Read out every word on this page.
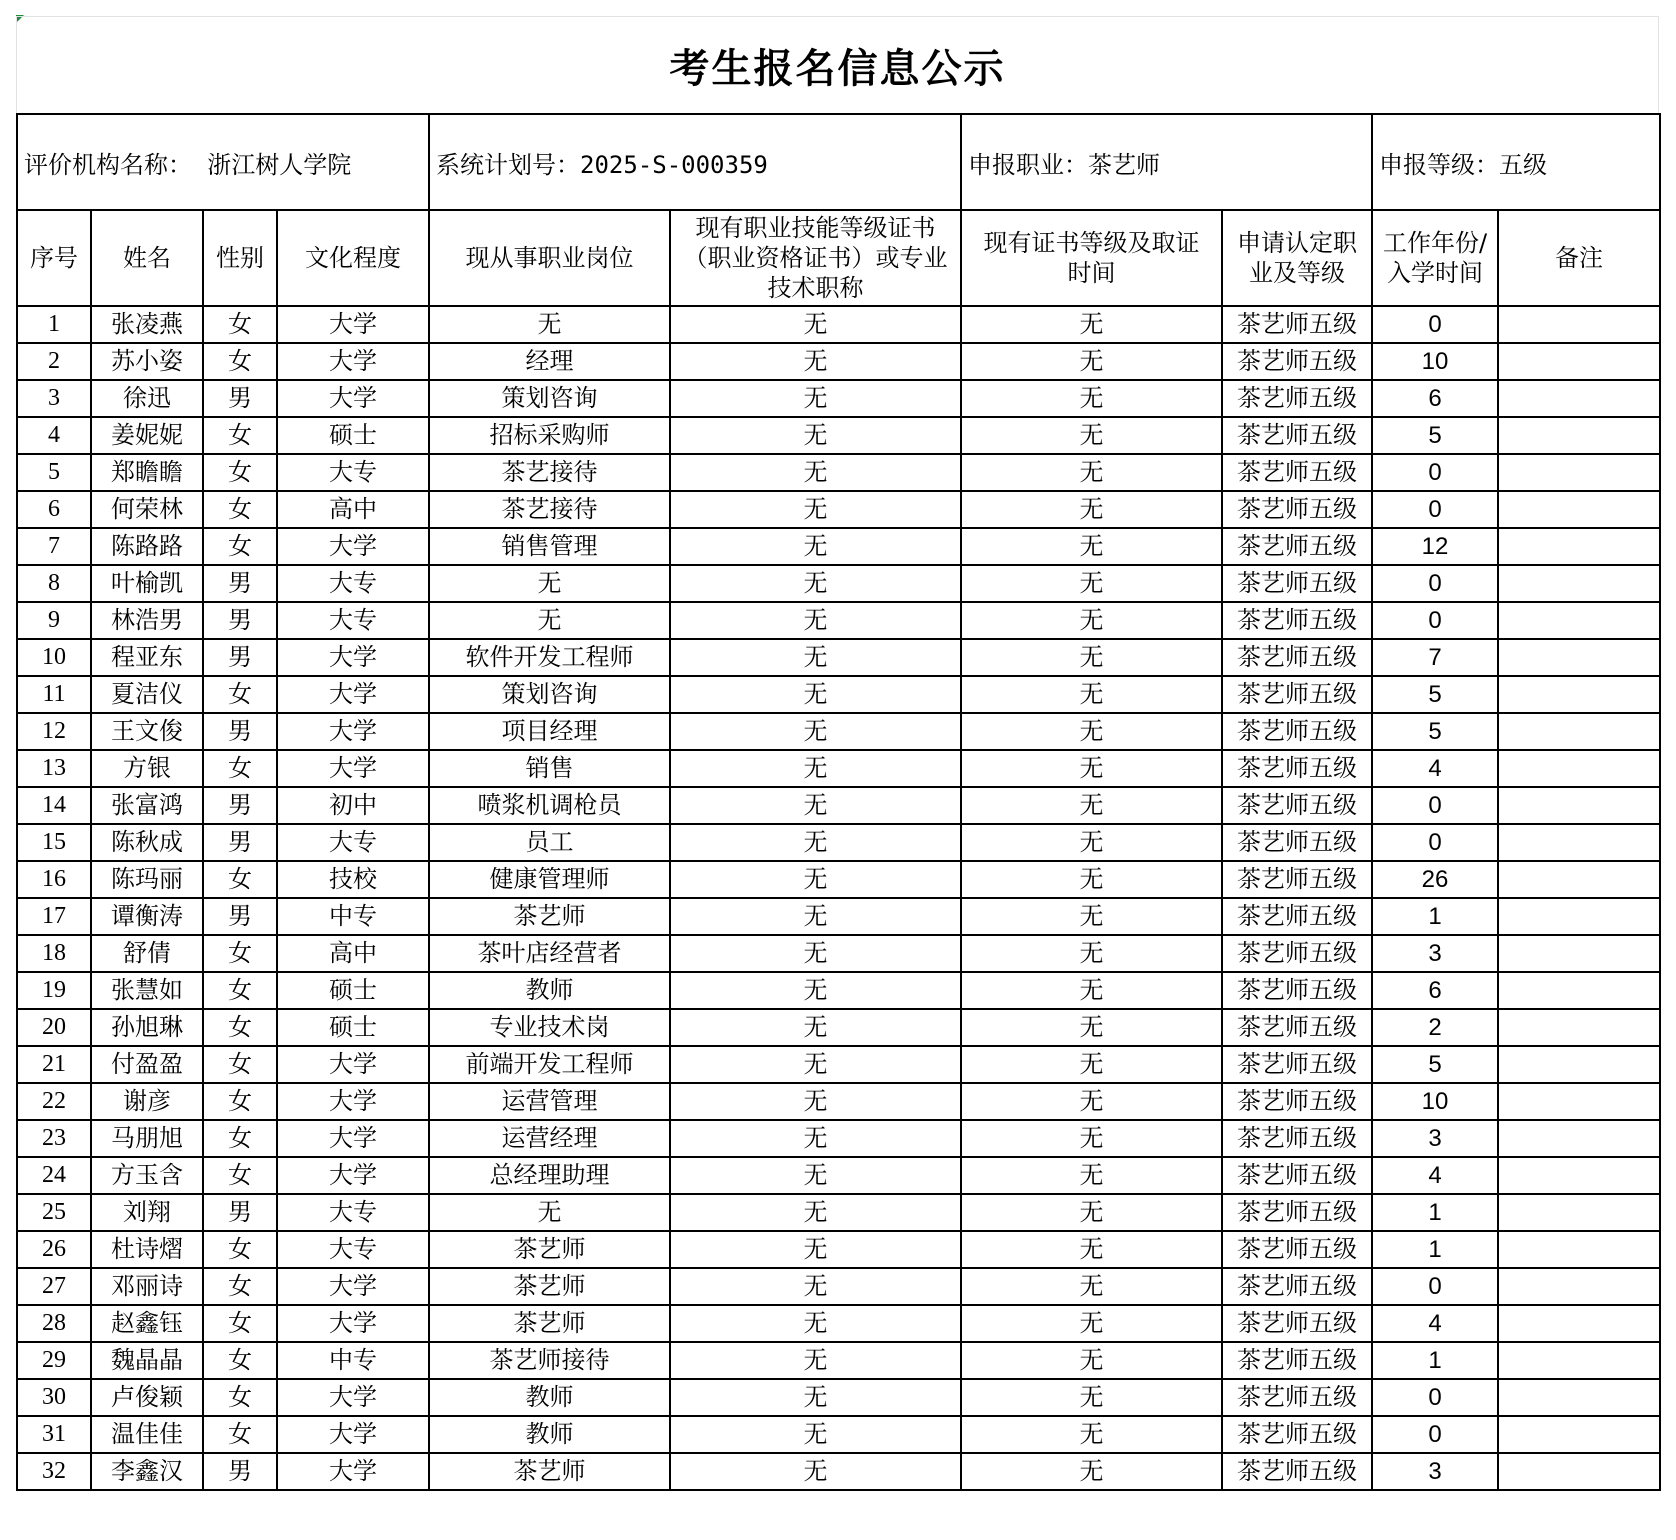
考生报名信息公示
评价机构名称： 浙江树人学院				系统计划号：2025-S-000359		申报职业：茶艺师		申报等级：五级	
序号	姓名	性别	文化程度	现从事职业岗位	现有职业技能等级证书（职业资格证书）或专业技术职称	现有证书等级及取证时间	申请认定职业及等级	工作年份/入学时间	备注
1	张凌燕	女	大学	无	无	无	茶艺师五级	0	
2	苏小姿	女	大学	经理	无	无	茶艺师五级	10	
3	徐迅	男	大学	策划咨询	无	无	茶艺师五级	6	
4	姜妮妮	女	硕士	招标采购师	无	无	茶艺师五级	5	
5	郑瞻瞻	女	大专	茶艺接待	无	无	茶艺师五级	0	
6	何荣林	女	高中	茶艺接待	无	无	茶艺师五级	0	
7	陈路路	女	大学	销售管理	无	无	茶艺师五级	12	
8	叶榆凯	男	大专	无	无	无	茶艺师五级	0	
9	林浩男	男	大专	无	无	无	茶艺师五级	0	
10	程亚东	男	大学	软件开发工程师	无	无	茶艺师五级	7	
11	夏洁仪	女	大学	策划咨询	无	无	茶艺师五级	5	
12	王文俊	男	大学	项目经理	无	无	茶艺师五级	5	
13	方银	女	大学	销售	无	无	茶艺师五级	4	
14	张富鸿	男	初中	喷浆机调枪员	无	无	茶艺师五级	0	
15	陈秋成	男	大专	员工	无	无	茶艺师五级	0	
16	陈玛丽	女	技校	健康管理师	无	无	茶艺师五级	26	
17	谭衡涛	男	中专	茶艺师	无	无	茶艺师五级	1	
18	舒倩	女	高中	茶叶店经营者	无	无	茶艺师五级	3	
19	张慧如	女	硕士	教师	无	无	茶艺师五级	6	
20	孙旭琳	女	硕士	专业技术岗	无	无	茶艺师五级	2	
21	付盈盈	女	大学	前端开发工程师	无	无	茶艺师五级	5	
22	谢彦	女	大学	运营管理	无	无	茶艺师五级	10	
23	马朋旭	女	大学	运营经理	无	无	茶艺师五级	3	
24	方玉含	女	大学	总经理助理	无	无	茶艺师五级	4	
25	刘翔	男	大专	无	无	无	茶艺师五级	1	
26	杜诗熠	女	大专	茶艺师	无	无	茶艺师五级	1	
27	邓丽诗	女	大学	茶艺师	无	无	茶艺师五级	0	
28	赵鑫钰	女	大学	茶艺师	无	无	茶艺师五级	4	
29	魏晶晶	女	中专	茶艺师接待	无	无	茶艺师五级	1	
30	卢俊颖	女	大学	教师	无	无	茶艺师五级	0	
31	温佳佳	女	大学	教师	无	无	茶艺师五级	0	
32	李鑫汉	男	大学	茶艺师	无	无	茶艺师五级	3	
